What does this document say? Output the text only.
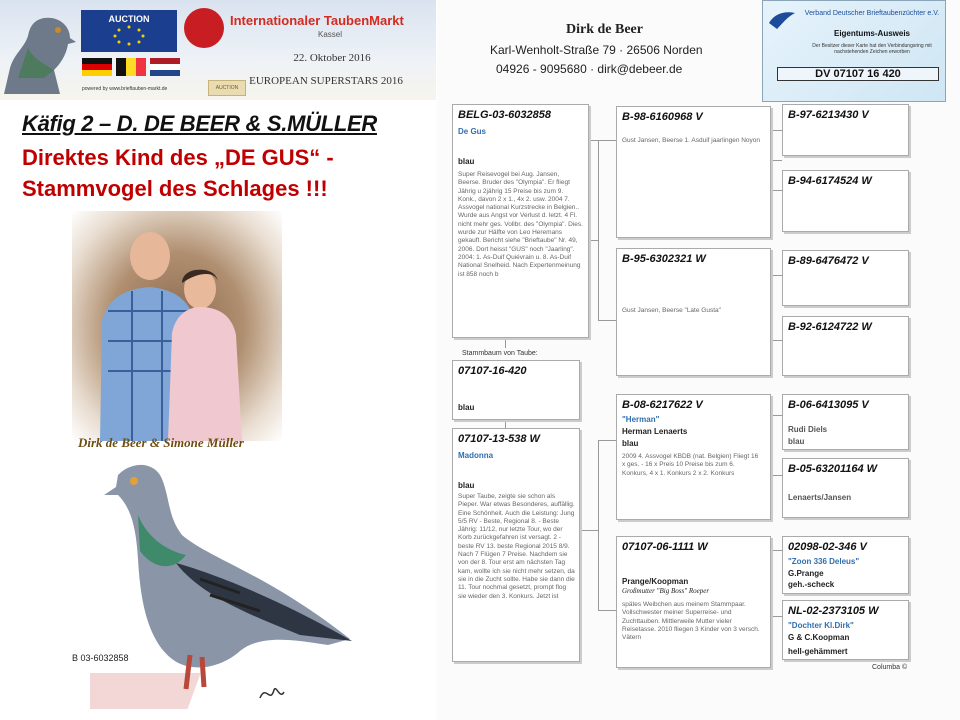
AUCTION	Internationaler TaubenMarkt
Kassel
22. Oktober 2016
AUCTION
EUROPEAN SUPERSTARS 2016
powered by www.brieftauben-markt.de
Käfig 2 – D. DE BEER & S.MÜLLER
Direktes Kind des „DE GUS“ -
Stammvogel des Schlages !!!
Dirk de Beer & Simone Müller
B 03-6032858
Dirk de Beer
Karl-Wenholt-Straße 79 · 26506 Norden
04926 - 9095680 · dirk@debeer.de
Verband Deutscher Brieftaubenzüchter e.V.
Eigentums-Ausweis
Der Besitzer dieser Karte hat den Verbindungsring mit nachstehenden Zeichen erworben
DV 07107 16 420
BELG-03-6032858
De Gus
blau
Super Reisevogel bei Aug. Jansen, Beerse. Bruder des "Olympia". Er fliegt Jährig u 2jährig 15 Preise bis zum 9. Konk., davon 2 x 1., 4x 2. usw. 2004 7. Assvogel national Kurzstrecke in Belgien.. Wurde aus Angst vor Verlust d. letzt. 4 Fl. nicht mehr ges. Vollbr. des "Olympia". Dies. wurde zur Hälfte von Leo Heremans gekauft. Bericht siehe "Brieftaube" Nr. 49, 2006. Dort heisst "GUS" noch "Jaarling". 2004: 1. As-Duif Quiévrain u. 8. As-Duif National Snelheid. Nach Expertenmeinung ist 858 noch b
Stammbaum von Taube:
07107-16-420
blau
07107-13-538 W
Madonna
blau
Super Taube, zeigte sie schon als Pieper. War etwas Besonderes, auffällig. Eine Schönheit. Auch die Leistung: Jung 5/5 RV - Beste, Regional 8. - Beste Jährig: 11/12, nur letzte Tour, wo der Korb zurückgefahren ist versagt. 2 - beste RV 13. beste Regional 2015 8/9. Nach 7 Flügen 7 Preise. Nachdem sie von der 8. Tour erst am nächsten Tag kam, wollte ich sie nicht mehr setzen, da sie in die Zucht sollte. Habe sie dann die 11. Tour nochmal gesetzt, prompt flog sie wieder den 3. Konkurs. Jetzt ist
B-98-6160968 V
Gust Jansen, Beerse 1. Asduif jaarlingen Noyon
B-95-6302321 W
Gust Jansen, Beerse "Late Gusta"
B-08-6217622 V
"Herman"
Herman Lenaerts
blau
2009 4. Assvogel KBDB (nat. Belgien) Fliegt 16 x ges. - 16 x Preis 10 Preise bis zum 6. Konkurs, 4 x 1. Konkurs 2 x 2. Konkurs
07107-06-1111 W
Prange/Koopman
Großmutter "Big Boss" Roeper
spätes Weibchen aus meinem Stammpaar. Vollschwester meiner Superreise- und Zuchttauben. Mittlerweile Mutter vieler Reisetasse. 2010 fliegen 3 Kinder von 3 versch. Vätern
B-97-6213430 V
B-94-6174524 W
B-89-6476472 V
B-92-6124722 W
B-06-6413095 V
Rudi Diels
blau
B-05-63201164 W
Lenaerts/Jansen
02098-02-346 V
"Zoon 336 Deleus"
G.Prange
geh.-scheck
NL-02-2373105 W
"Dochter Kl.Dirk"
G & C.Koopman
hell-gehämmert
Columba ©
